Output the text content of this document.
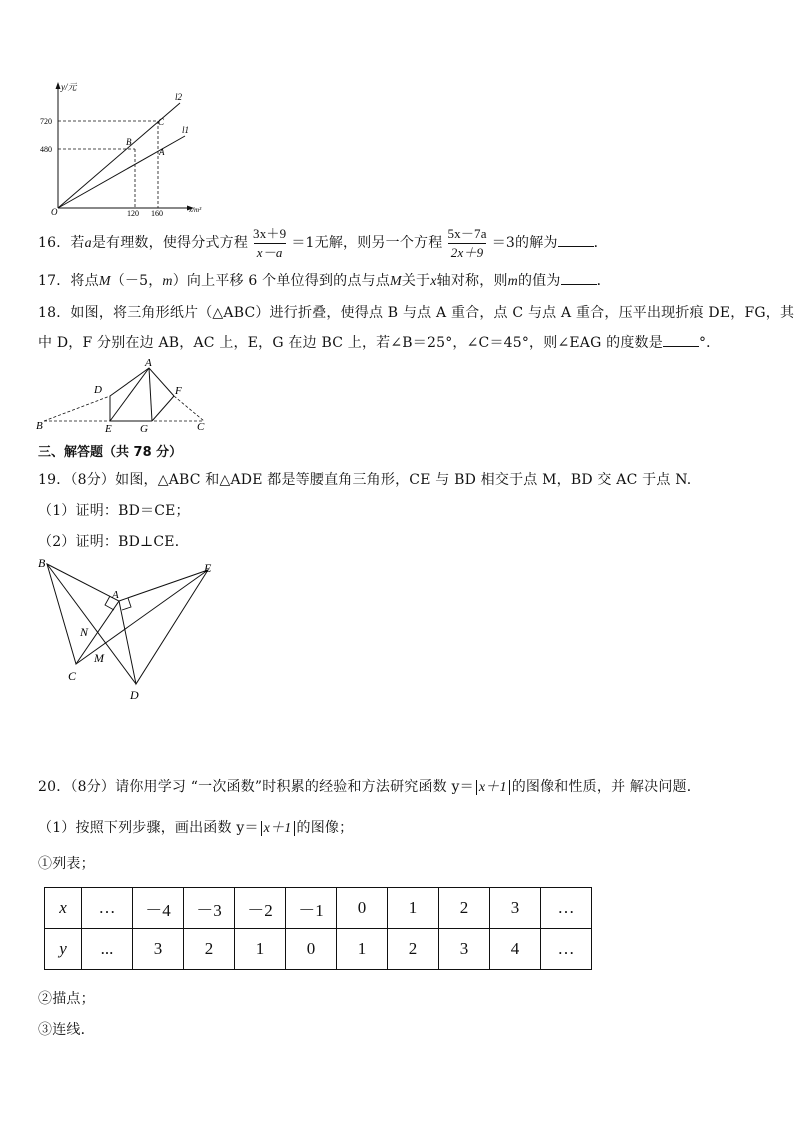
y/元
x/m³
O
l2
l1
720
480
120 160
B
C
A
16．若a是有理数，使得分式方程 $\frac{3x+9}{x-a} =1$无解，则另一个方程 $\frac{5x-7a}{2x+9} =3$的解为	．
17．将点M（－5，m）向上平移 6 个单位得到的点与点M关于x轴对称，则m的值为	．
18．如图，将三角形纸片（△ABC）进行折叠，使得点 B 与点 A 重合，点 C 与点 A 重合，压平出现折痕 DE，FG，其
中 D，F 分别在边 AB，AC 上，E，G 在边 BC 上，若∠B＝25°，∠C＝45°，则∠EAG 的度数是	°．
A
D	F
B	E	G	C
三、解答题（共 78 分）
19．（8分）如图，△ABC 和△ADE 都是等腰直角三角形，CE 与 BD 相交于点 M，BD 交 AC 于点 N.
（1）证明：BD＝CE；
（2）证明：BD⊥CE．
B
A
E
N
M
C
D
20．（8分）请你用学习 “一次函数”时积累的经验和方法研究函数 y＝ x＋1 的图像和性质，并 解决问题．
（1）按照下列步骤，画出函数 y＝ x＋1 的图像；
①列表；
x	…	－4	－3	－2	－1	0	1	2	3	…
y	...	3	2	1	0	1	2	3	4	…
②描点；
③连线．
